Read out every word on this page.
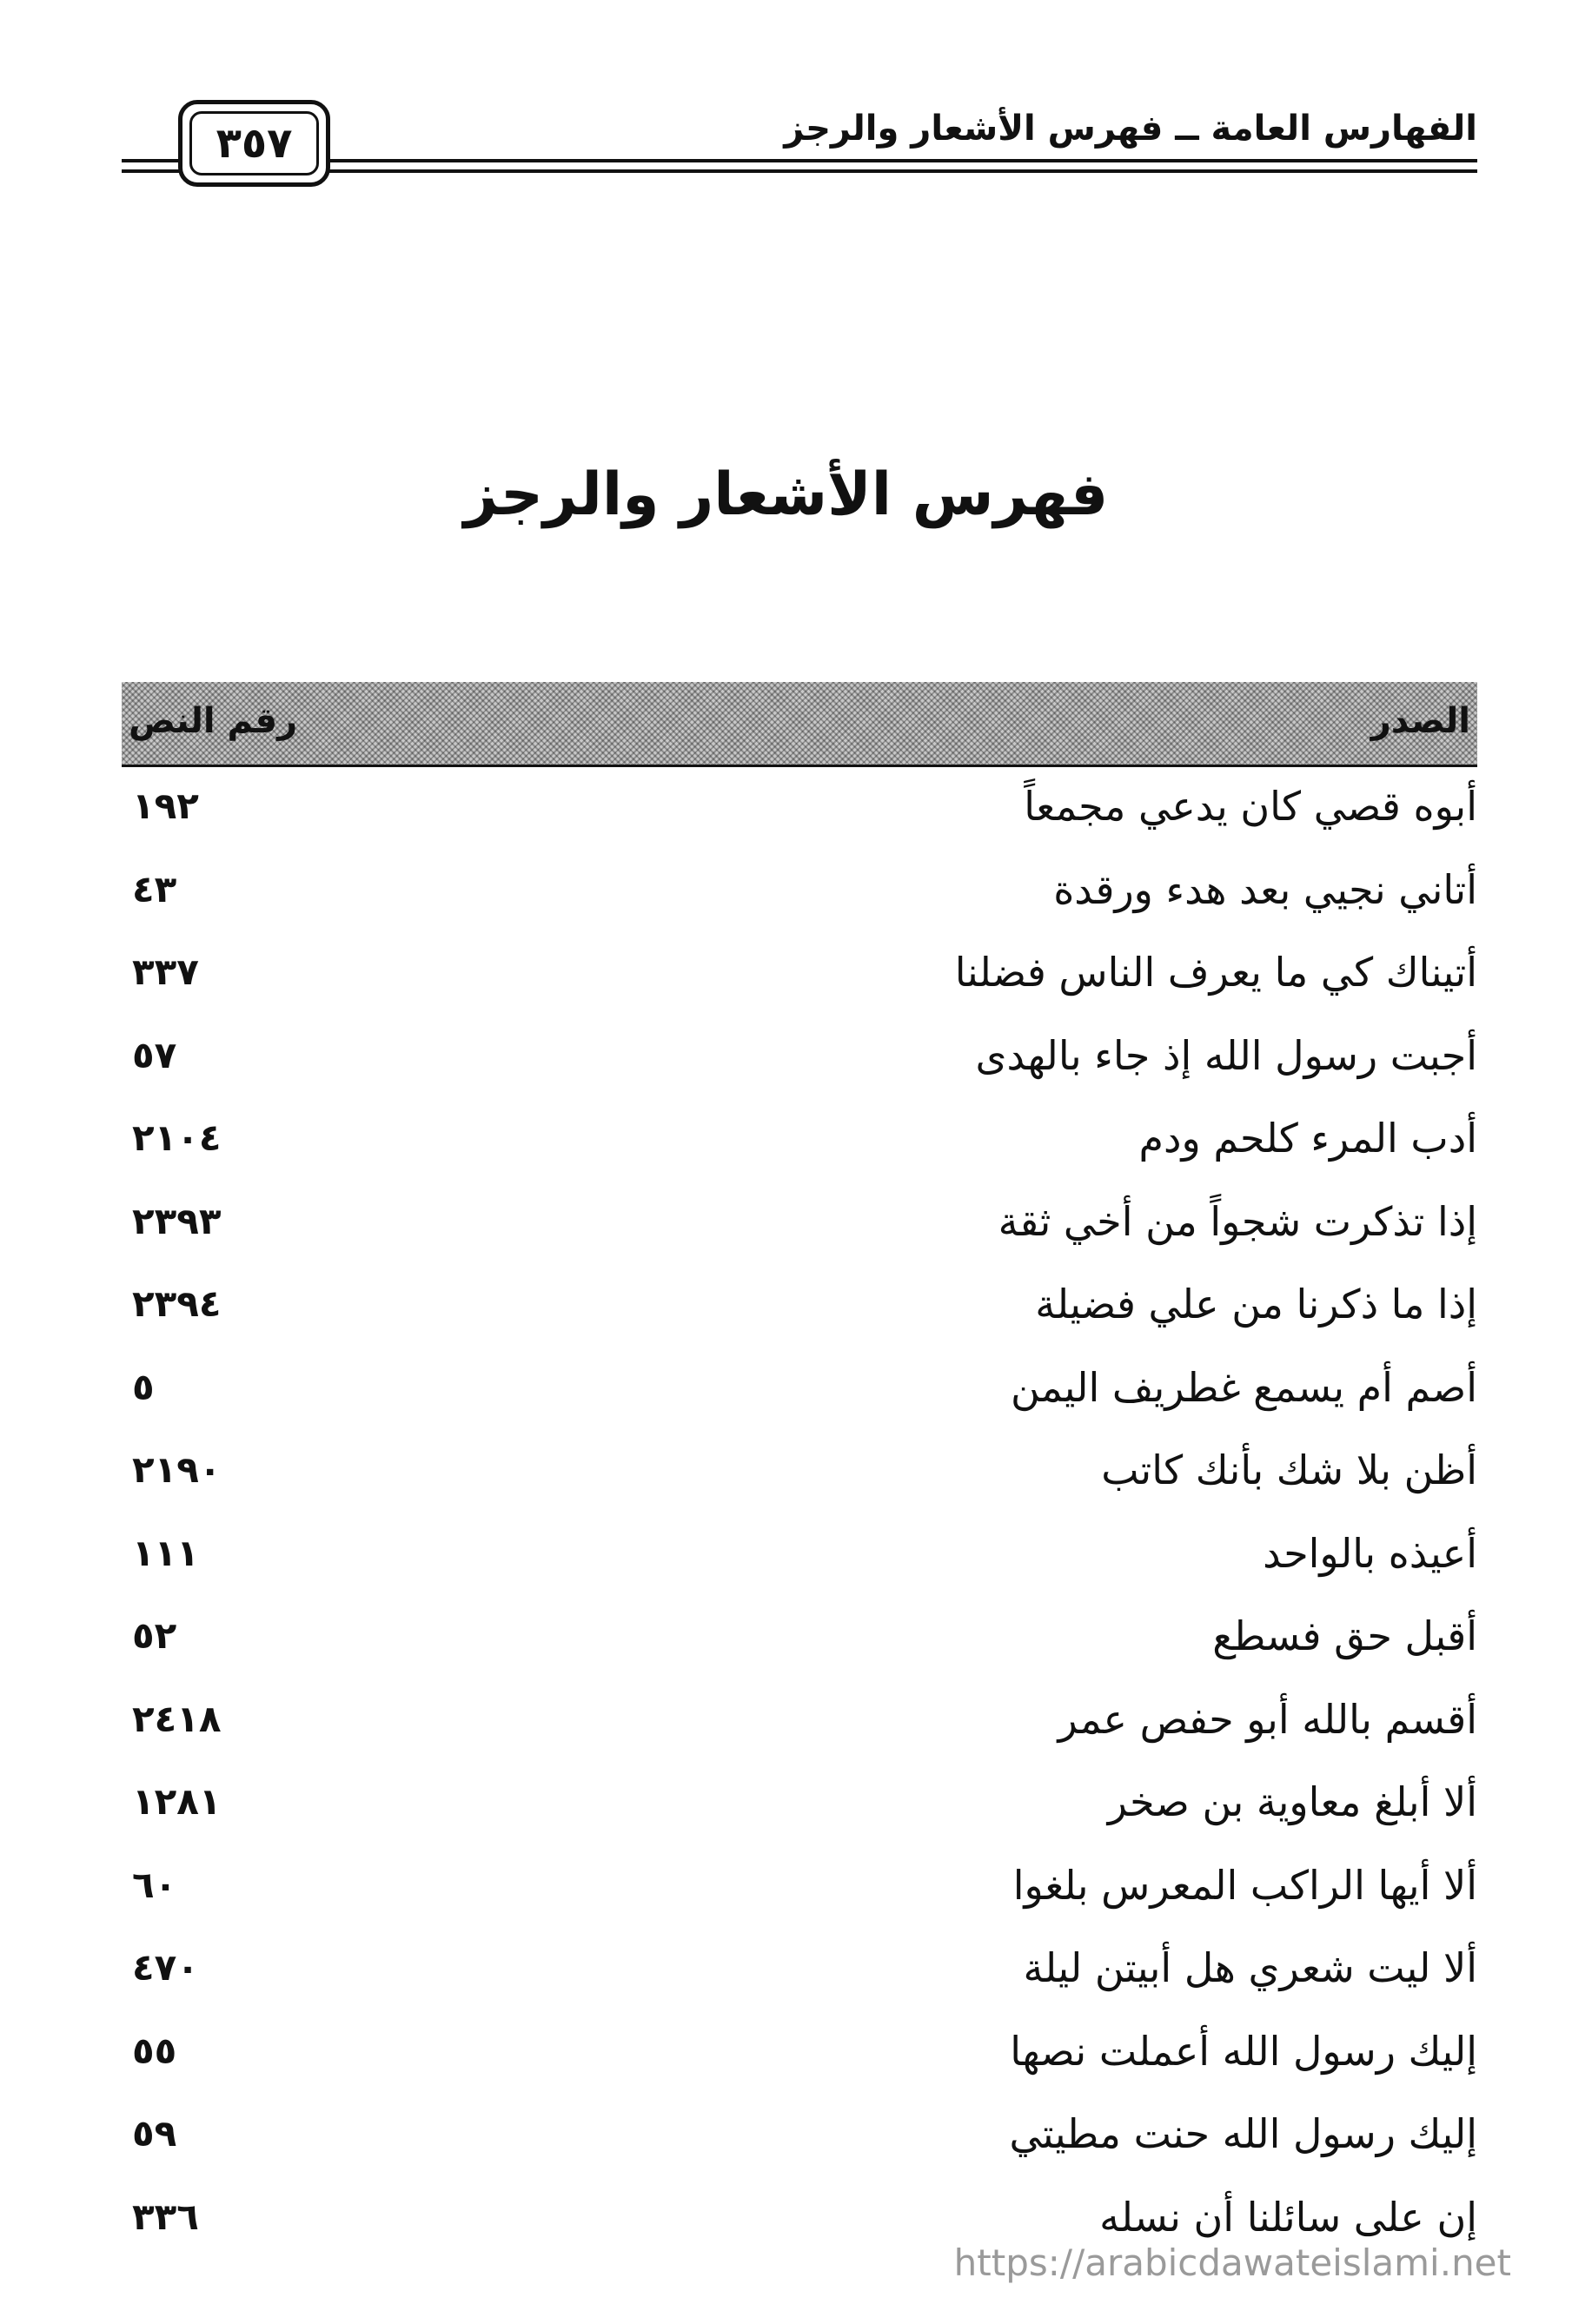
الفهارس العامة ــ فهرس الأشعار والرجز
٣٥٧
فهرس الأشعار والرجز
الصدر
رقم النص
أبوه قصي كان يدعي مجمعاً
١٩٢
أتاني نجيي بعد هدء ورقدة
٤٣
أتيناك كي ما يعرف الناس فضلنا
٣٣٧
أجبت رسول الله إذ جاء بالهدى
٥٧
أدب المرء كلحم ودم
٢١٠٤
إذا تذكرت شجواً من أخي ثقة
٢٣٩٣
إذا ما ذكرنا من علي فضيلة
٢٣٩٤
أصم أم يسمع غطريف اليمن
٥
أظن بلا شك بأنك كاتب
٢١٩٠
أعيذه بالواحد
١١١
أقبل حق فسطع
٥٢
أقسم بالله أبو حفص عمر
٢٤١٨
ألا أبلغ معاوية بن صخر
١٢٨١
ألا أيها الراكب المعرس بلغوا
٦٠
ألا ليت شعري هل أبيتن ليلة
٤٧٠
إليك رسول الله أعملت نصها
٥٥
إليك رسول الله حنت مطيتي
٥٩
إن على سائلنا أن نسله
٣٣٦
https://arabicdawateislami.net
